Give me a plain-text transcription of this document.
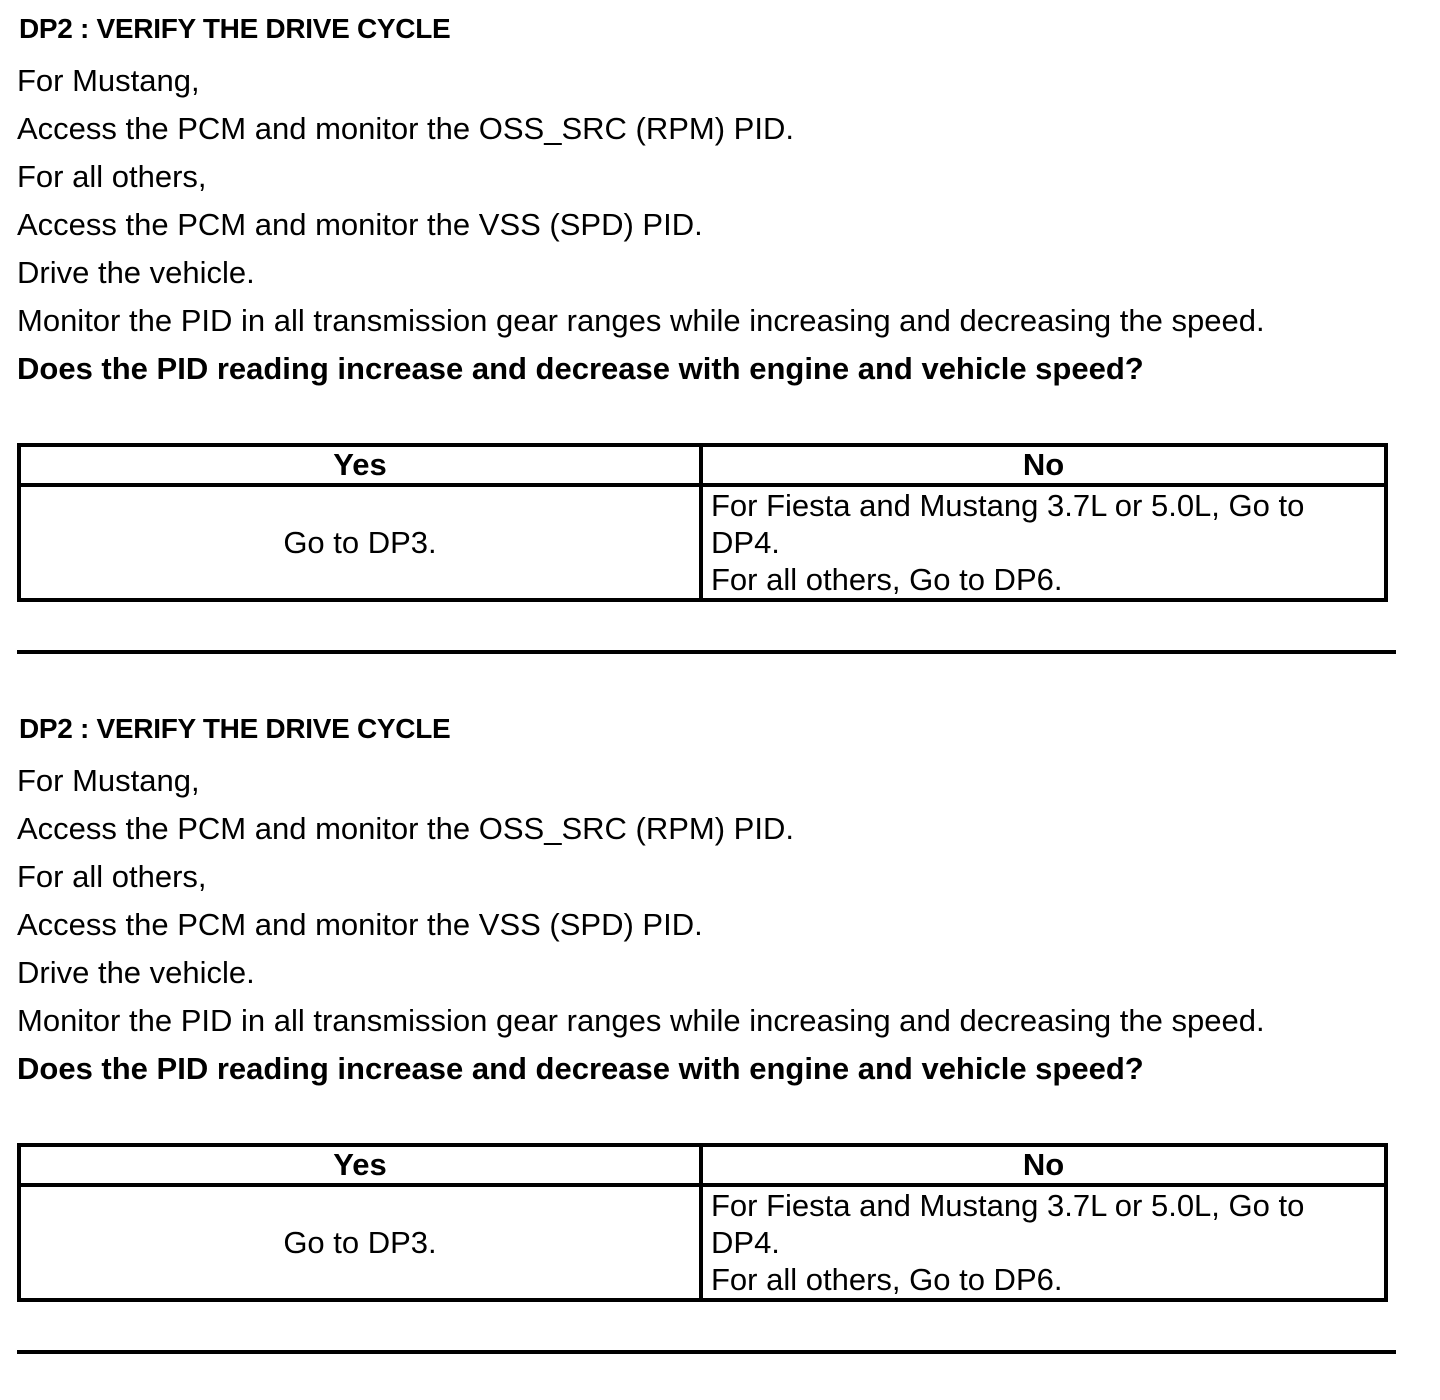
DP2 : VERIFY THE DRIVE CYCLE
For Mustang,
Access the PCM and monitor the OSS_SRC (RPM) PID.
For all others,
Access the PCM and monitor the VSS (SPD) PID.
Drive the vehicle.
Monitor the PID in all transmission gear ranges while increasing and decreasing the speed.
Does the PID reading increase and decrease with engine and vehicle speed?
Yes	No
Go to DP3.	For Fiesta and Mustang 3.7L or 5.0L, Go to
DP4.
For all others, Go to DP6.
DP2 : VERIFY THE DRIVE CYCLE
For Mustang,
Access the PCM and monitor the OSS_SRC (RPM) PID.
For all others,
Access the PCM and monitor the VSS (SPD) PID.
Drive the vehicle.
Monitor the PID in all transmission gear ranges while increasing and decreasing the speed.
Does the PID reading increase and decrease with engine and vehicle speed?
Yes	No
Go to DP3.	For Fiesta and Mustang 3.7L or 5.0L, Go to
DP4.
For all others, Go to DP6.
